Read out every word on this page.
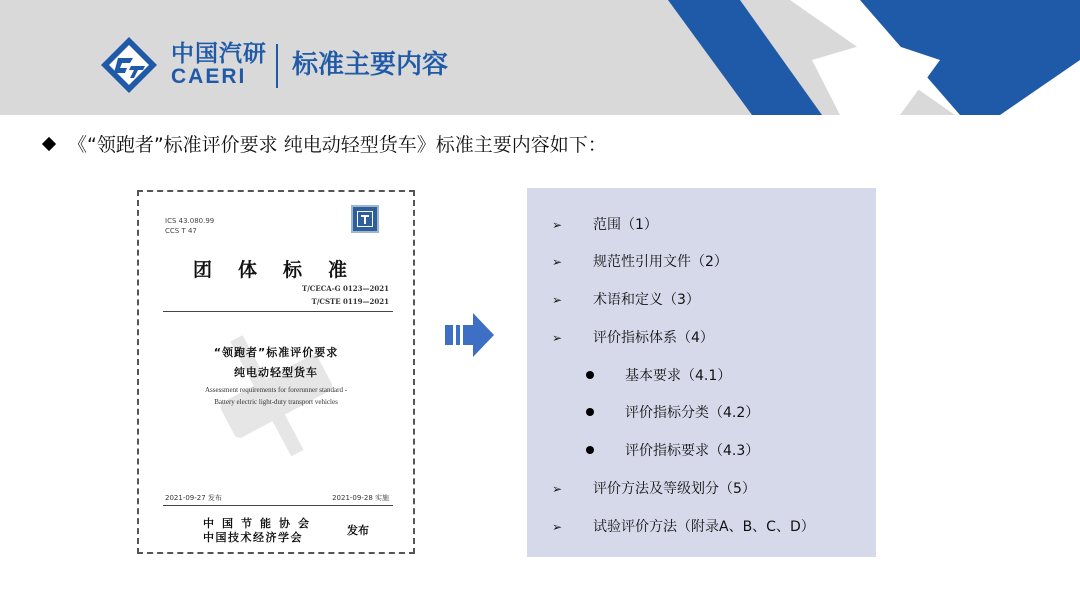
中国汽研
CAERI 标准主要内容
《“领跑者”标准评价要求 纯电动轻型货车》标准主要内容如下：
ICS 43.080.99
CCS T 47
团体标准
T/CECA-G 0123—2021
T/CSTE 0119—2021
“领跑者”标准评价要求
纯电动轻型货车
Assessment requirements for forerunner standard -
Battery electric light-duty transport vehicles
2021-09-27 发布	2021-09-28 实施
中国节能协会
中国技术经济学会
发布
➢ 范围（1）
➢ 规范性引用文件（2）
➢ 术语和定义（3）
➢ 评价指标体系（4）
基本要求（4.1）
评价指标分类（4.2）
评价指标要求（4.3）
➢ 评价方法及等级划分（5）
➢ 试验评价方法（附录A、B、C、D）
